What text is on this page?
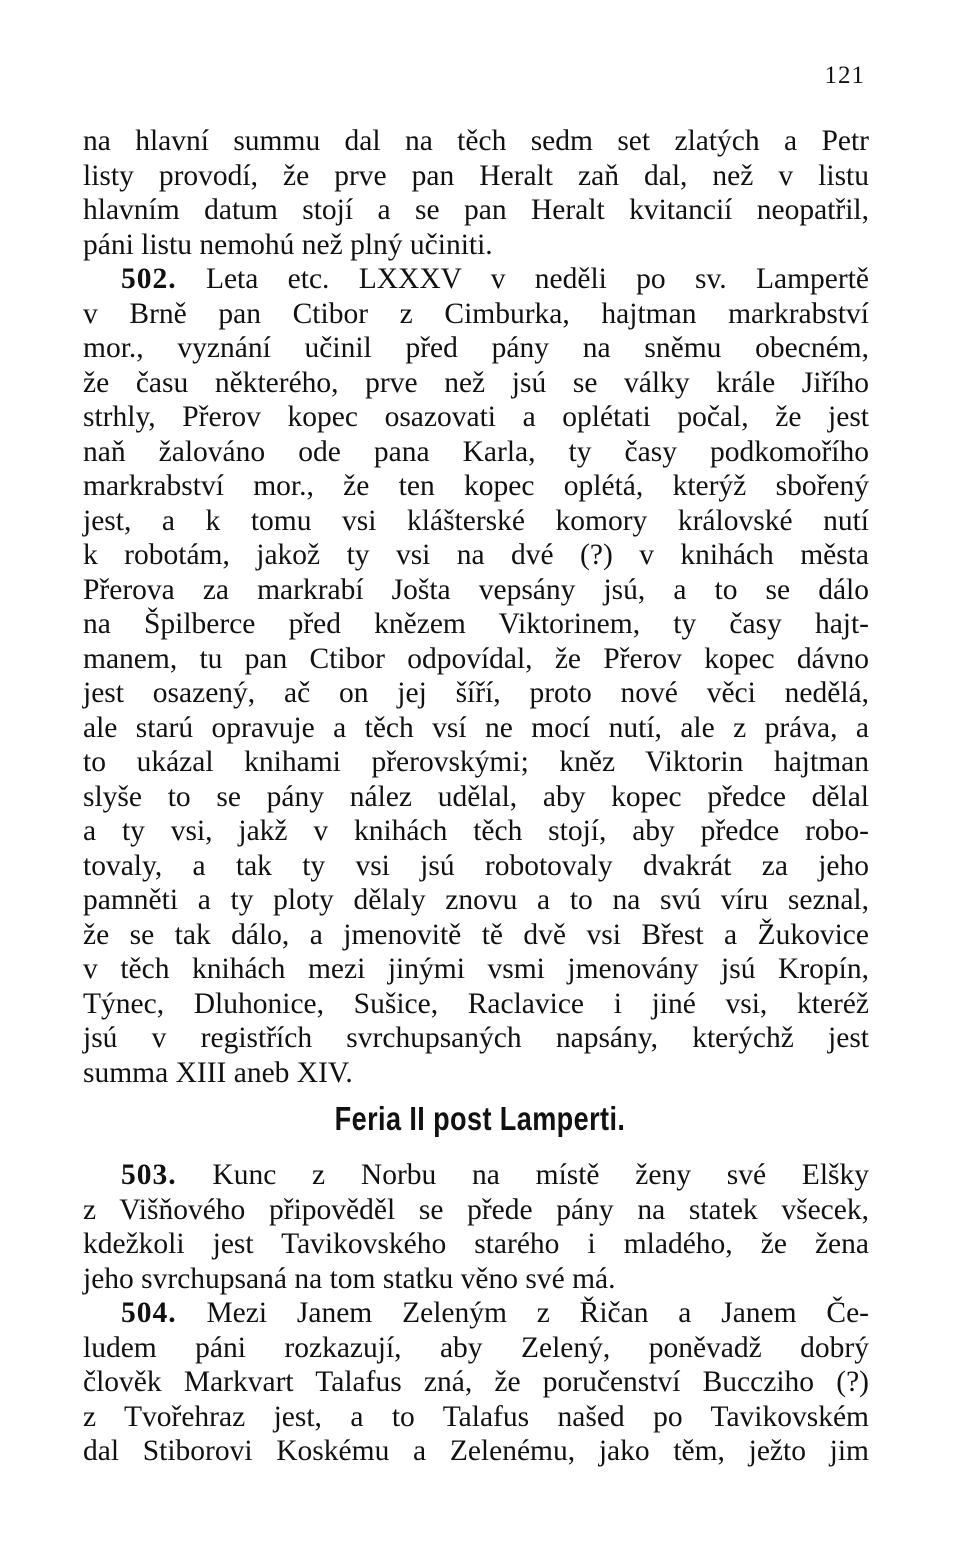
121
na hlavní summu dal na těch sedm set zlatých a Petr
listy provodí, že prve pan Heralt zaň dal, než v listu
hlavním datum stojí a se pan Heralt kvitancií neopatřil,
páni listu nemohú než plný učiniti.
502. Leta etc. LXXXV v neděli po sv. Lampertě
v Brně pan Ctibor z Cimburka, hajtman markrabství
mor., vyznání učinil před pány na sněmu obecném,
že času některého, prve než jsú se války krále Jiřího
strhly, Přerov kopec osazovati a oplétati počal, že jest
naň žalováno ode pana Karla, ty časy podkomořího
markrabství mor., že ten kopec oplétá, kterýž sbořený
jest, a k tomu vsi klášterské komory královské nutí
k robotám, jakož ty vsi na dvé (?) v knihách města
Přerova za markrabí Jošta vepsány jsú, a to se dálo
na Špilberce před knězem Viktorinem, ty časy hajt-
manem, tu pan Ctibor odpovídal, že Přerov kopec dávno
jest osazený, ač on jej šíří, proto nové věci nedělá,
ale starú opravuje a těch vsí ne mocí nutí, ale z práva, a
to ukázal knihami přerovskými; kněz Viktorin hajtman
slyše to se pány nález udělal, aby kopec předce dělal
a ty vsi, jakž v knihách těch stojí, aby předce robo-
tovaly, a tak ty vsi jsú robotovaly dvakrát za jeho
pamněti a ty ploty dělaly znovu a to na svú víru seznal,
že se tak dálo, a jmenovitě tě dvě vsi Břest a Žukovice
v těch knihách mezi jinými vsmi jmenovány jsú Kropín,
Týnec, Dluhonice, Sušice, Raclavice i jiné vsi, kteréž
jsú v registřích svrchupsaných napsány, kterýchž jest
summa XIII aneb XIV.
Feria II post Lamperti.
503. Kunc z Norbu na místě ženy své Elšky
z Višňového připověděl se přede pány na statek všecek,
kdežkoli jest Tavikovského starého i mladého, že žena
jeho svrchupsaná na tom statku věno své má.
504. Mezi Janem Zeleným z Řičan a Janem Če-
ludem páni rozkazují, aby Zelený, poněvadž dobrý
člověk Markvart Talafus zná, že poručenství Buccziho (?)
z Tvořehraz jest, a to Talafus našed po Tavikovském
dal Stiborovi Koskému a Zelenému, jako těm, ježto jim
